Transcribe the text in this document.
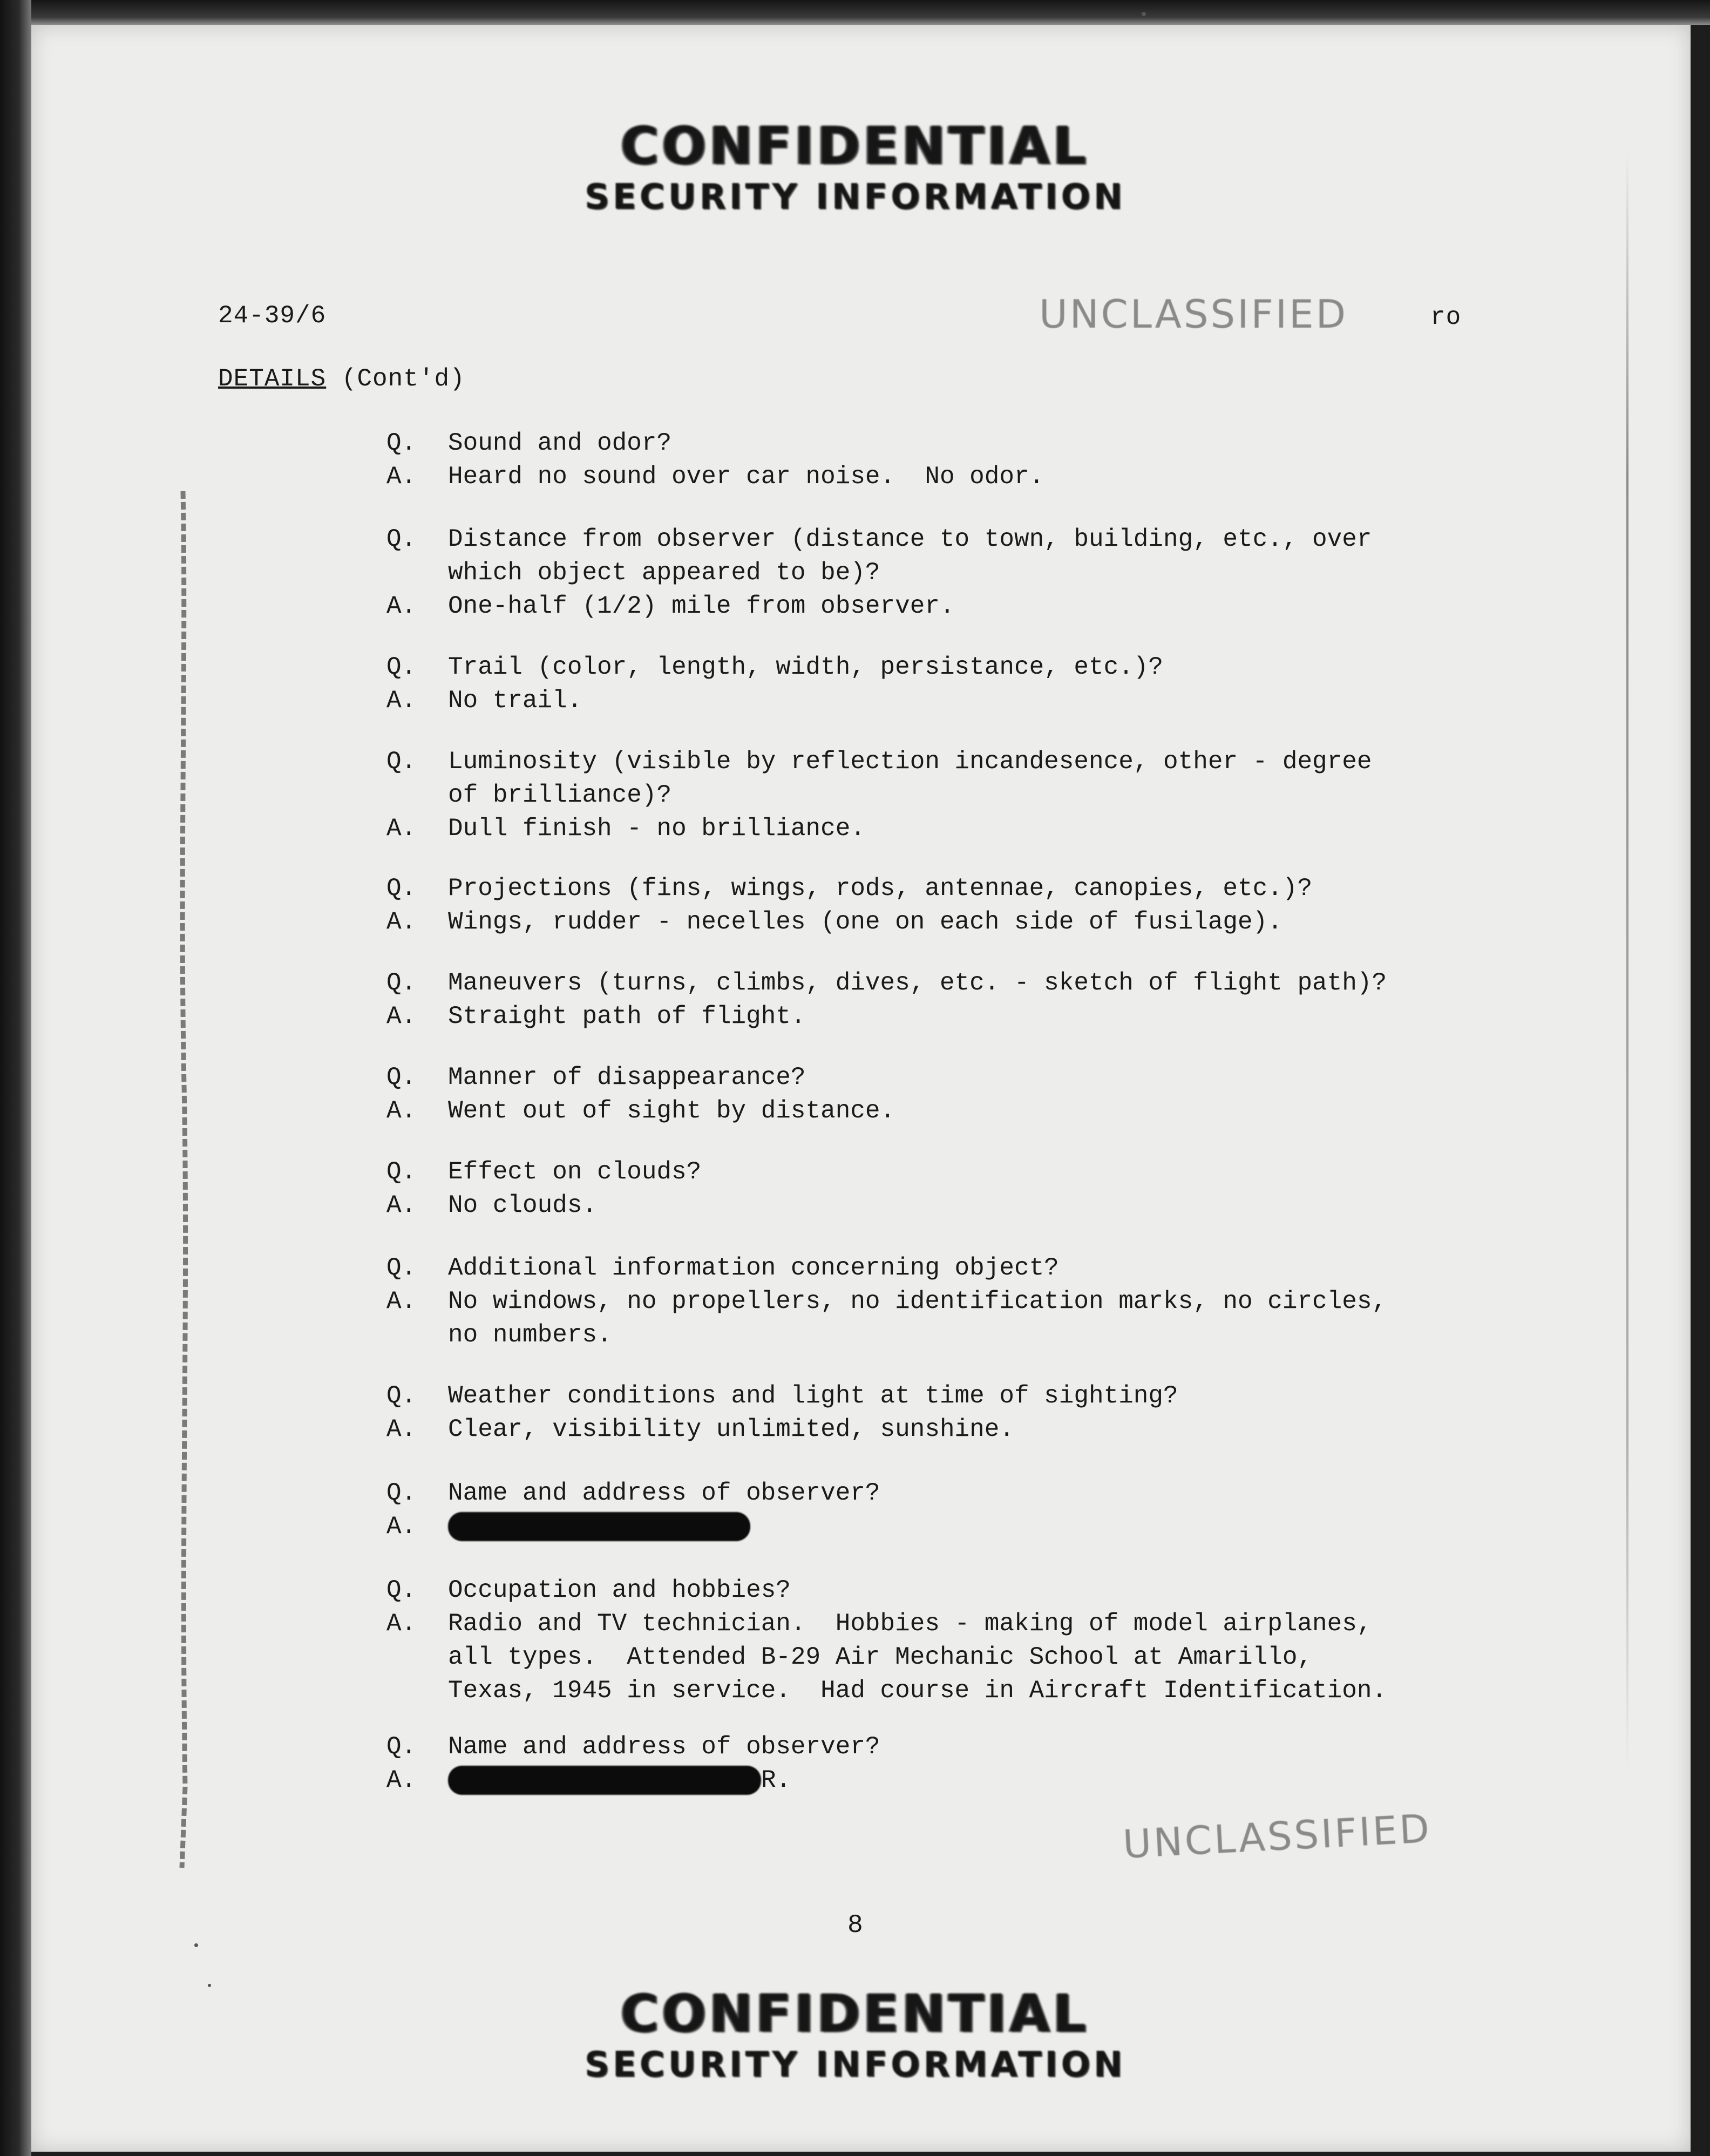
CONFIDENTIAL
SECURITY INFORMATION
24-39/6	UNCLASSIFIED	ro
DETAILS (Cont'd)
Q.	Sound and odor?
A.	Heard no sound over car noise.  No odor.
Q.	Distance from observer (distance to town, building, etc., over
which object appeared to be)?
A.	One-half (1/2) mile from observer.
Q.	Trail (color, length, width, persistance, etc.)?
A.	No trail.
Q.	Luminosity (visible by reflection incandesence, other - degree
of brilliance)?
A.	Dull finish - no brilliance.
Q.	Projections (fins, wings, rods, antennae, canopies, etc.)?
A.	Wings, rudder - necelles (one on each side of fusilage).
Q.	Maneuvers (turns, climbs, dives, etc. - sketch of flight path)?
A.	Straight path of flight.
Q.	Manner of disappearance?
A.	Went out of sight by distance.
Q.	Effect on clouds?
A.	No clouds.
Q.	Additional information concerning object?
A.	No windows, no propellers, no identification marks, no circles,
no numbers.
Q.	Weather conditions and light at time of sighting?
A.	Clear, visibility unlimited, sunshine.
Q.	Name and address of observer?
A.
Q.	Occupation and hobbies?
A.	Radio and TV technician.  Hobbies - making of model airplanes,
all types.  Attended B-29 Air Mechanic School at Amarillo,
Texas, 1945 in service.  Had course in Aircraft Identification.
Q.	Name and address of observer?
A.	R.
UNCLASSIFIED
8
CONFIDENTIAL
SECURITY INFORMATION
